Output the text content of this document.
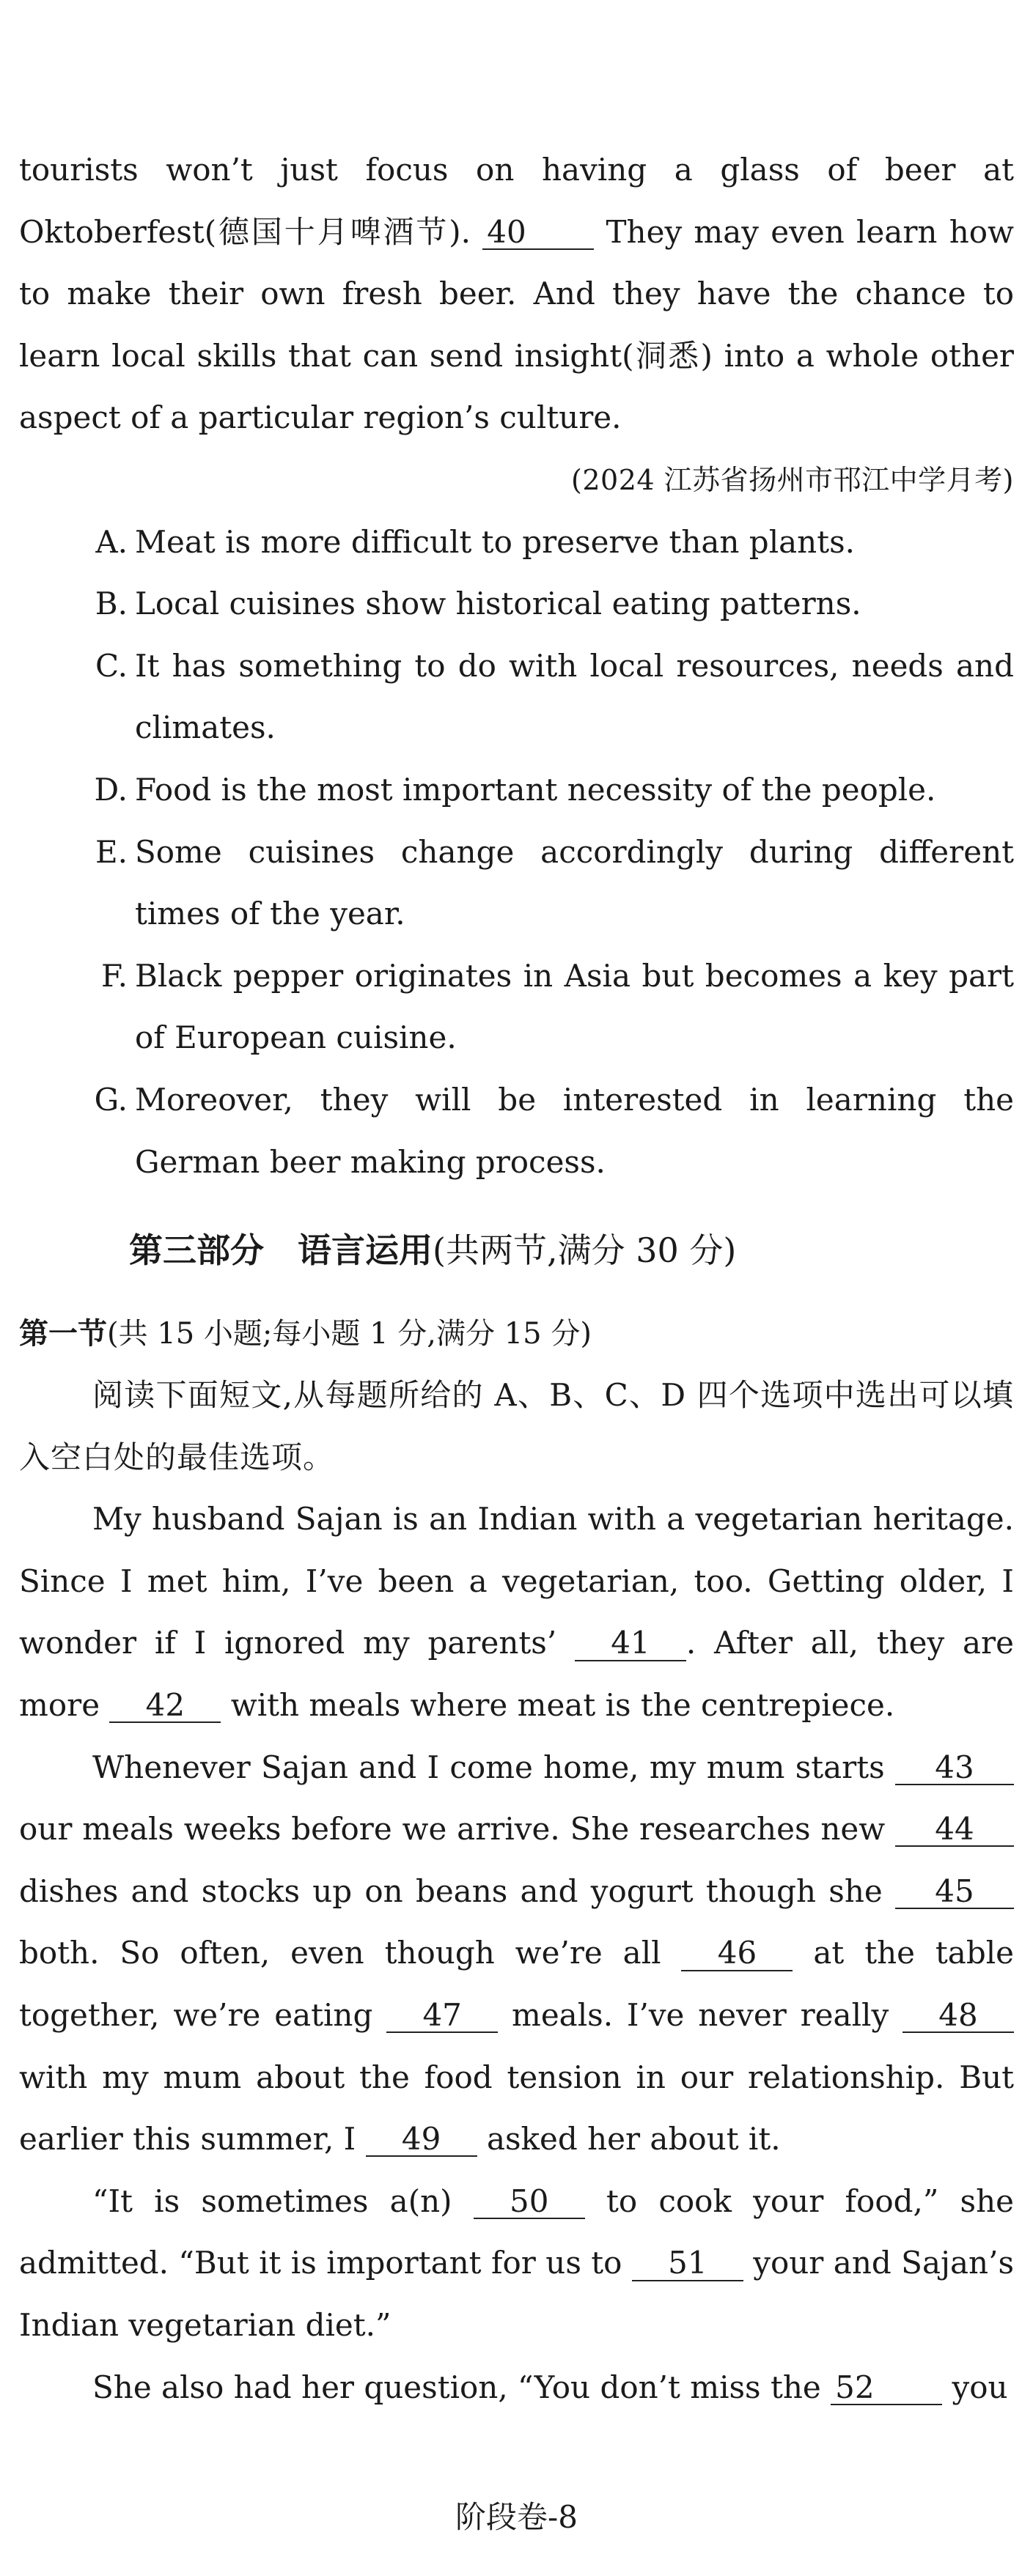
tourists won’t just focus on having a glass of beer at Oktoberfest(德国十月啤酒节). 40 They may even learn how to make their own fresh beer. And they have the chance to learn local skills that can send insight(洞悉) into a whole other aspect of a particular region’s culture.

(2024 江苏省扬州市邗江中学月考)

A. Meat is more difficult to preserve than plants.
B. Local cuisines show historical eating patterns.
C. It has something to do with local resources, needs and climates.
D. Food is the most important necessity of the people.
E. Some cuisines change accordingly during different times of the year.
F. Black pepper originates in Asia but becomes a key part of European cuisine.
G. Moreover, they will be interested in learning the German beer making process.

第三部分　语言运用(共两节,满分 30 分)

第一节(共 15 小题;每小题 1 分,满分 15 分)

阅读下面短文,从每题所给的 A、B、C、D 四个选项中选出可以填入空白处的最佳选项。

My husband Sajan is an Indian with a vegetarian heritage. Since I met him, I’ve been a vegetarian, too. Getting older, I wonder if I ignored my parents’ 41 . After all, they are more 42 with meals where meat is the centrepiece.

Whenever Sajan and I come home, my mum starts 43 our meals weeks before we arrive. She researches new 44 dishes and stocks up on beans and yogurt though she 45 both. So often, even though we’re all 46 at the table together, we’re eating 47 meals. I’ve never really 48 with my mum about the food tension in our relationship. But earlier this summer, I 49 asked her about it.

“It is sometimes a(n) 50 to cook your food,” she admitted. “But it is important for us to 51 your and Sajan’s Indian vegetarian diet.”

She also had her question, “You don’t miss the 52 you

阶段卷-8
